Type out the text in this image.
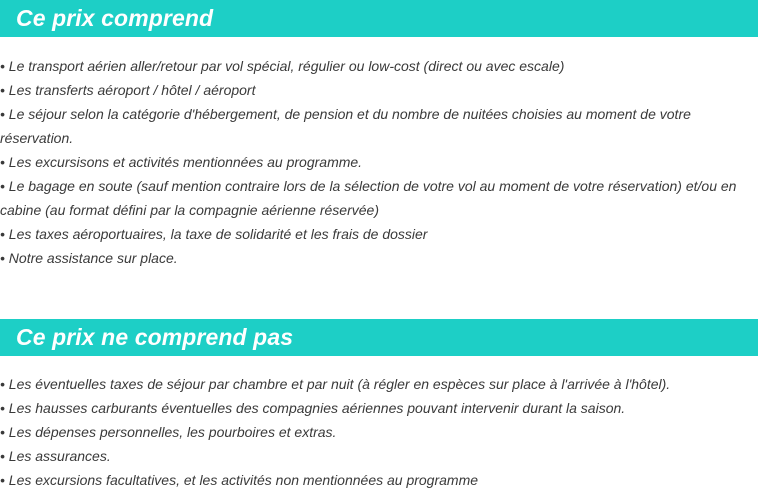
Ce prix comprend
• Le transport aérien aller/retour par vol spécial, régulier ou low-cost (direct ou avec escale)
• Les transferts aéroport / hôtel / aéroport
• Le séjour selon la catégorie d'hébergement, de pension et du nombre de nuitées choisies au moment de votre réservation.
• Les excursisons et activités mentionnées au programme.
• Le bagage en soute (sauf mention contraire lors de la sélection de votre vol au moment de votre réservation) et/ou en cabine (au format défini par la compagnie aérienne réservée)
• Les taxes aéroportuaires, la taxe de solidarité et les frais de dossier
• Notre assistance sur place.
Ce prix ne comprend pas
• Les éventuelles taxes de séjour par chambre et par nuit (à régler en espèces sur place à l'arrivée à l'hôtel).
• Les hausses carburants éventuelles des compagnies aériennes pouvant intervenir durant la saison.
• Les dépenses personnelles, les pourboires et extras.
• Les assurances.
• Les excursions facultatives, et les activités non mentionnées au programme
